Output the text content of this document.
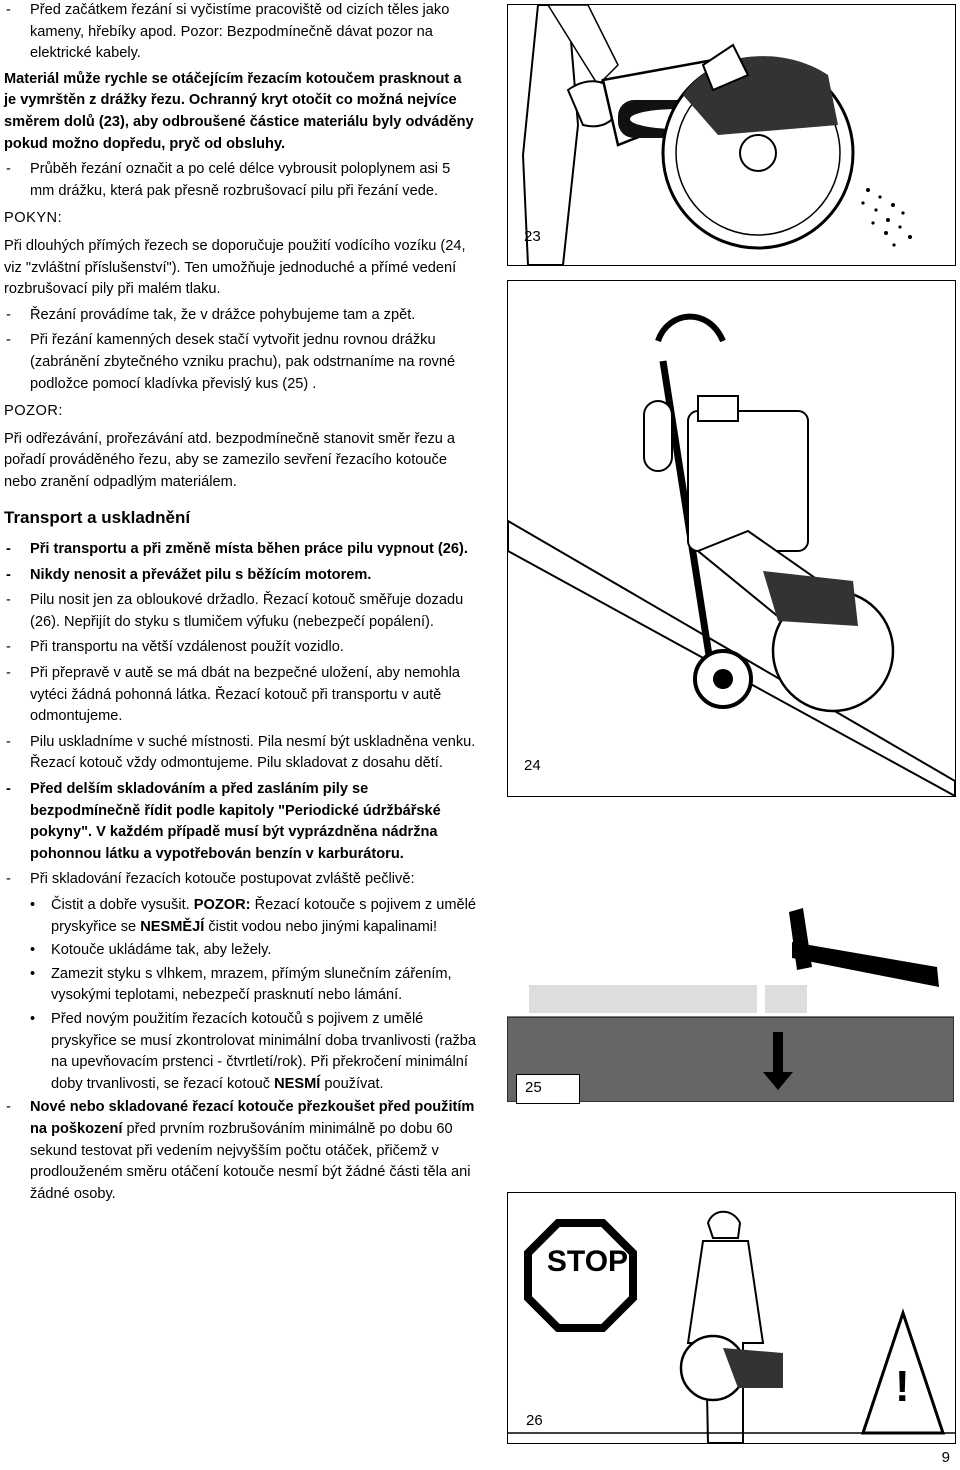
- Před začátkem řezání si vyčistíme pracoviště od cizích těles jako kameny, hřebíky apod. Pozor: Bezpodmínečně dávat pozor na elektrické kabely.
Materiál může rychle se otáčejícím řezacím kotoučem prasknout a je vymrštěn z drážky řezu. Ochranný kryt otočit co možná nejvíce směrem dolů (23), aby odbroušené částice materiálu byly odváděny pokud možno dopředu, pryč od obsluhy.
- Průběh řezání označit a po celé délce vybrousit poloplynem asi 5 mm drážku, která pak přesně rozbrušovací pilu při řezání vede.
POKYN:
Při dlouhých přímých řezech se doporučuje použití vodícího vozíku (24, viz "zvláštní příslušenství"). Ten umožňuje jednoduché a přímé vedení rozbrušovací pily při malém tlaku.
- Řezání provádíme tak, že v drážce pohybujeme tam a zpět.
- Při řezání kamenných desek stačí vytvořit jednu rovnou drážku (zabránění zbytečného vzniku prachu), pak odstrnaníme na rovné podložce pomocí kladívka převislý kus (25) .
POZOR:
Při odřezávání, prořezávání atd. bezpodmínečně stanovit směr řezu a pořadí prováděného řezu, aby se zamezilo sevření řezacího kotouče nebo zranění odpadlým materiálem.
Transport a uskladnění
- Při transportu a při změně místa běhen práce pilu vypnout (26).
- Nikdy nenosit a převážet pilu s běžícím motorem.
- Pilu nosit jen za obloukové držadlo. Řezací kotouč směřuje dozadu (26). Nepřijít do styku s tlumičem výfuku (nebezpečí popálení).
- Při transportu na větší vzdálenost použít vozidlo.
- Při přepravě v autě se má dbát na bezpečné uložení, aby nemohla vytéci žádná pohonná látka. Řezací kotouč při transportu v autě odmontujeme.
- Pilu uskladníme v suché místnosti. Pila nesmí být uskladněna venku. Řezací kotouč vždy odmontujeme. Pilu skladovat z dosahu dětí.
- Před delším skladováním a před zasláním pily se bezpodmínečně řídit podle kapitoly "Periodické údržbářské pokyny". V každém případě musí být vyprázdněna nádržna pohonnou látku a vypotřebován benzín v karburátoru.
- Při skladování řezacích kotouče postupovat zvláště pečlivě:
• Čistit a dobře vysušit. POZOR: Řezací kotouče s pojivem z umělé pryskyřice se NESMĚJÍ čistit vodou nebo jinými kapalinami!
• Kotouče ukládáme tak, aby ležely.
• Zamezit styku s vlhkem, mrazem, přímým slunečním zářením, vysokými teplotami, nebezpečí prasknutí nebo lámání.
• Před novým použitím řezacích kotoučů s pojivem z umělé pryskyřice se musí zkontrolovat minimální doba trvanlivosti (ražba na upevňovacím prstenci - čtvrtletí/rok). Při překročení minimální doby trvanlivosti, se řezací kotouč NESMÍ používat.
- Nové nebo skladované řezací kotouče přezkoušet před použitím na poškození před prvním rozbrušováním minimálně po dobu 60 sekund testovat při vedením nejvyšším počtu otáček, přičemž v prodlouženém směru otáčení kotouče nesmí být žádné části těla ani žádné osoby.
23
24
25
STOP
!
26
9
